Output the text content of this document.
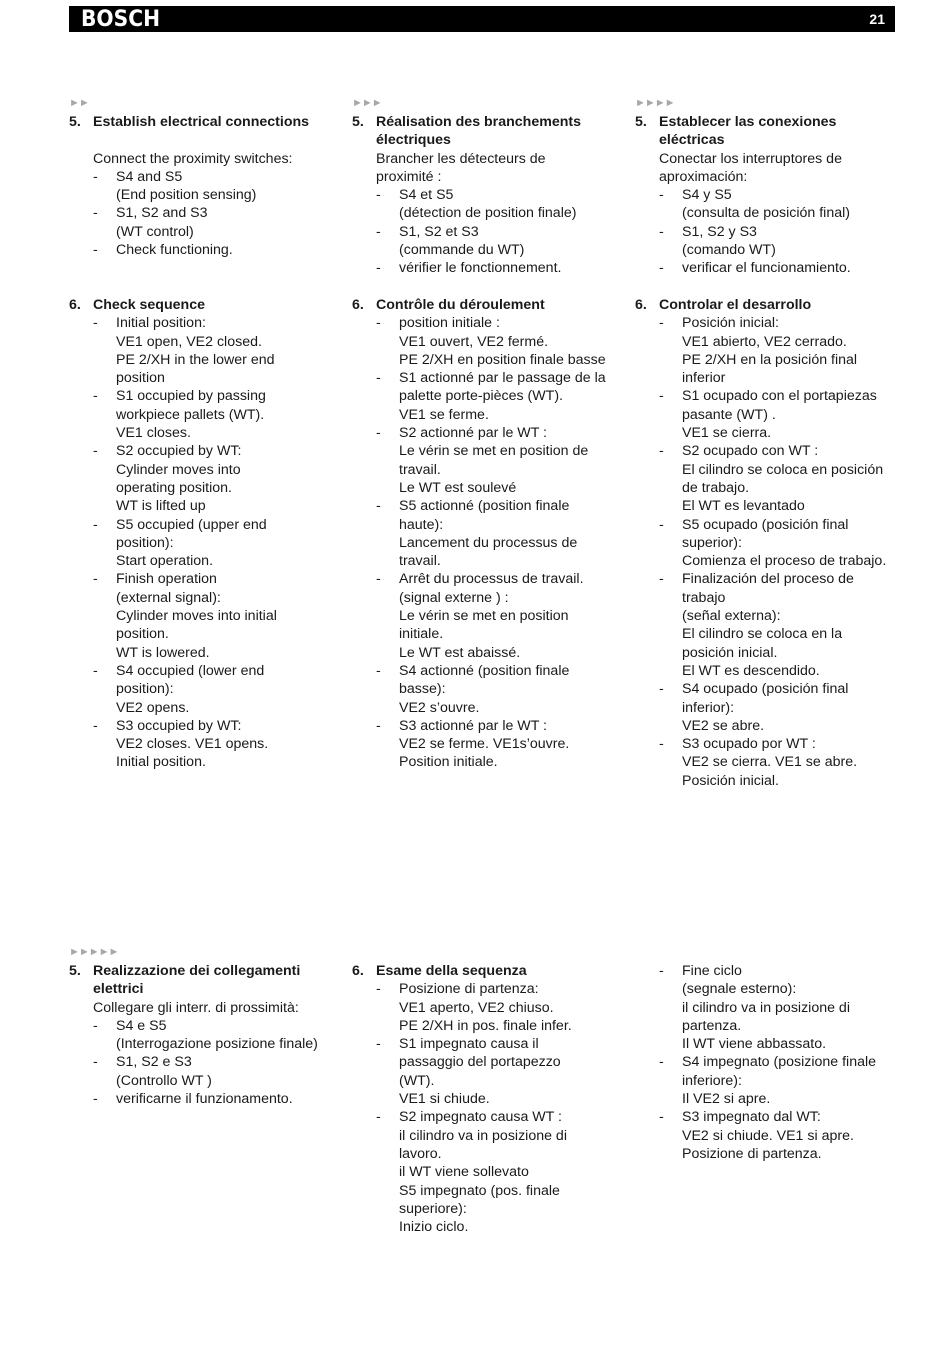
BOSCH	21
►►	►►►	►►►►
►►►►►
5. Establish electrical connections
Connect the proximity switches:
-	S4 and S5
(End position sensing)
-	S1, S2 and S3
(WT control)
-	Check functioning.
6. Check sequence
-	Initial position:
VE1 open, VE2 closed.
PE 2/XH in the lower end position
-	S1 occupied by passing workpiece pallets (WT).
VE1 closes.
-	S2 occupied by WT:
Cylinder moves into operating position.
WT is lifted up
-	S5 occupied (upper end position):
Start operation.
-	Finish operation
(external signal):
Cylinder moves into initial position.
WT is lowered.
-	S4 occupied (lower end position):
VE2 opens.
-	S3 occupied by WT:
VE2 closes. VE1 opens.
Initial position.
5. Réalisation des branchements électriques
Brancher les détecteurs de proximité :
-	S4 et S5
(détection de position finale)
-	S1, S2 et S3
(commande du WT)
-	vérifier le fonctionnement.
6. Contrôle du déroulement
-	position initiale :
VE1 ouvert, VE2 fermé.
PE 2/XH en position finale basse
-	S1 actionné par le passage de la palette porte-pièces (WT).
VE1 se ferme.
-	S2 actionné par le WT :
Le vérin se met en position de travail.
Le WT est soulevé
-	S5 actionné (position finale haute):
Lancement du processus de travail.
-	Arrêt du processus de travail.
(signal externe ) :
Le vérin se met en position initiale.
Le WT est abaissé.
-	S4 actionné (position finale basse):
VE2 s’ouvre.
-	S3 actionné par le WT :
VE2 se ferme. VE1s’ouvre.
Position initiale.
5. Establecer las conexiones eléctricas
Conectar los interruptores de aproximación:
-	S4 y S5
(consulta de posición final)
-	S1, S2 y S3
(comando WT)
-	verificar el funcionamiento.
6. Controlar el desarrollo
-	Posición inicial:
VE1 abierto, VE2 cerrado.
PE 2/XH en la posición final inferior
-	S1 ocupado con el portapiezas pasante (WT) .
VE1 se cierra.
-	S2 ocupado con WT :
El cilindro se coloca en posición de trabajo.
El WT es levantado
-	S5 ocupado (posición final superior):
Comienza el proceso de trabajo.
-	Finalización del proceso de trabajo
(señal externa):
El cilindro se coloca en la posición inicial.
El WT es descendido.
-	S4 ocupado (posición final inferior):
VE2 se abre.
-	S3 ocupado por WT :
VE2 se cierra. VE1 se abre.
Posición inicial.
5. Realizzazione dei collegamenti elettrici
Collegare gli interr. di prossimità:
-	S4 e S5
(Interrogazione posizione finale)
-	S1, S2 e S3
(Controllo WT )
-	verificarne il funzionamento.
6. Esame della sequenza
-	Posizione di partenza:
VE1 aperto, VE2 chiuso.
PE 2/XH in pos. finale infer.
-	S1 impegnato causa il passaggio del portapezzo (WT).
VE1 si chiude.
-	S2 impegnato causa WT :
il cilindro va in posizione di lavoro.
il WT viene sollevato
S5 impegnato (pos. finale superiore):
Inizio ciclo.
-	Fine ciclo
(segnale esterno):
il cilindro va in posizione di partenza.
Il WT viene abbassato.
-	S4 impegnato (posizione finale inferiore):
Il VE2 si apre.
-	S3 impegnato dal WT:
VE2 si chiude. VE1 si apre.
Posizione di partenza.
